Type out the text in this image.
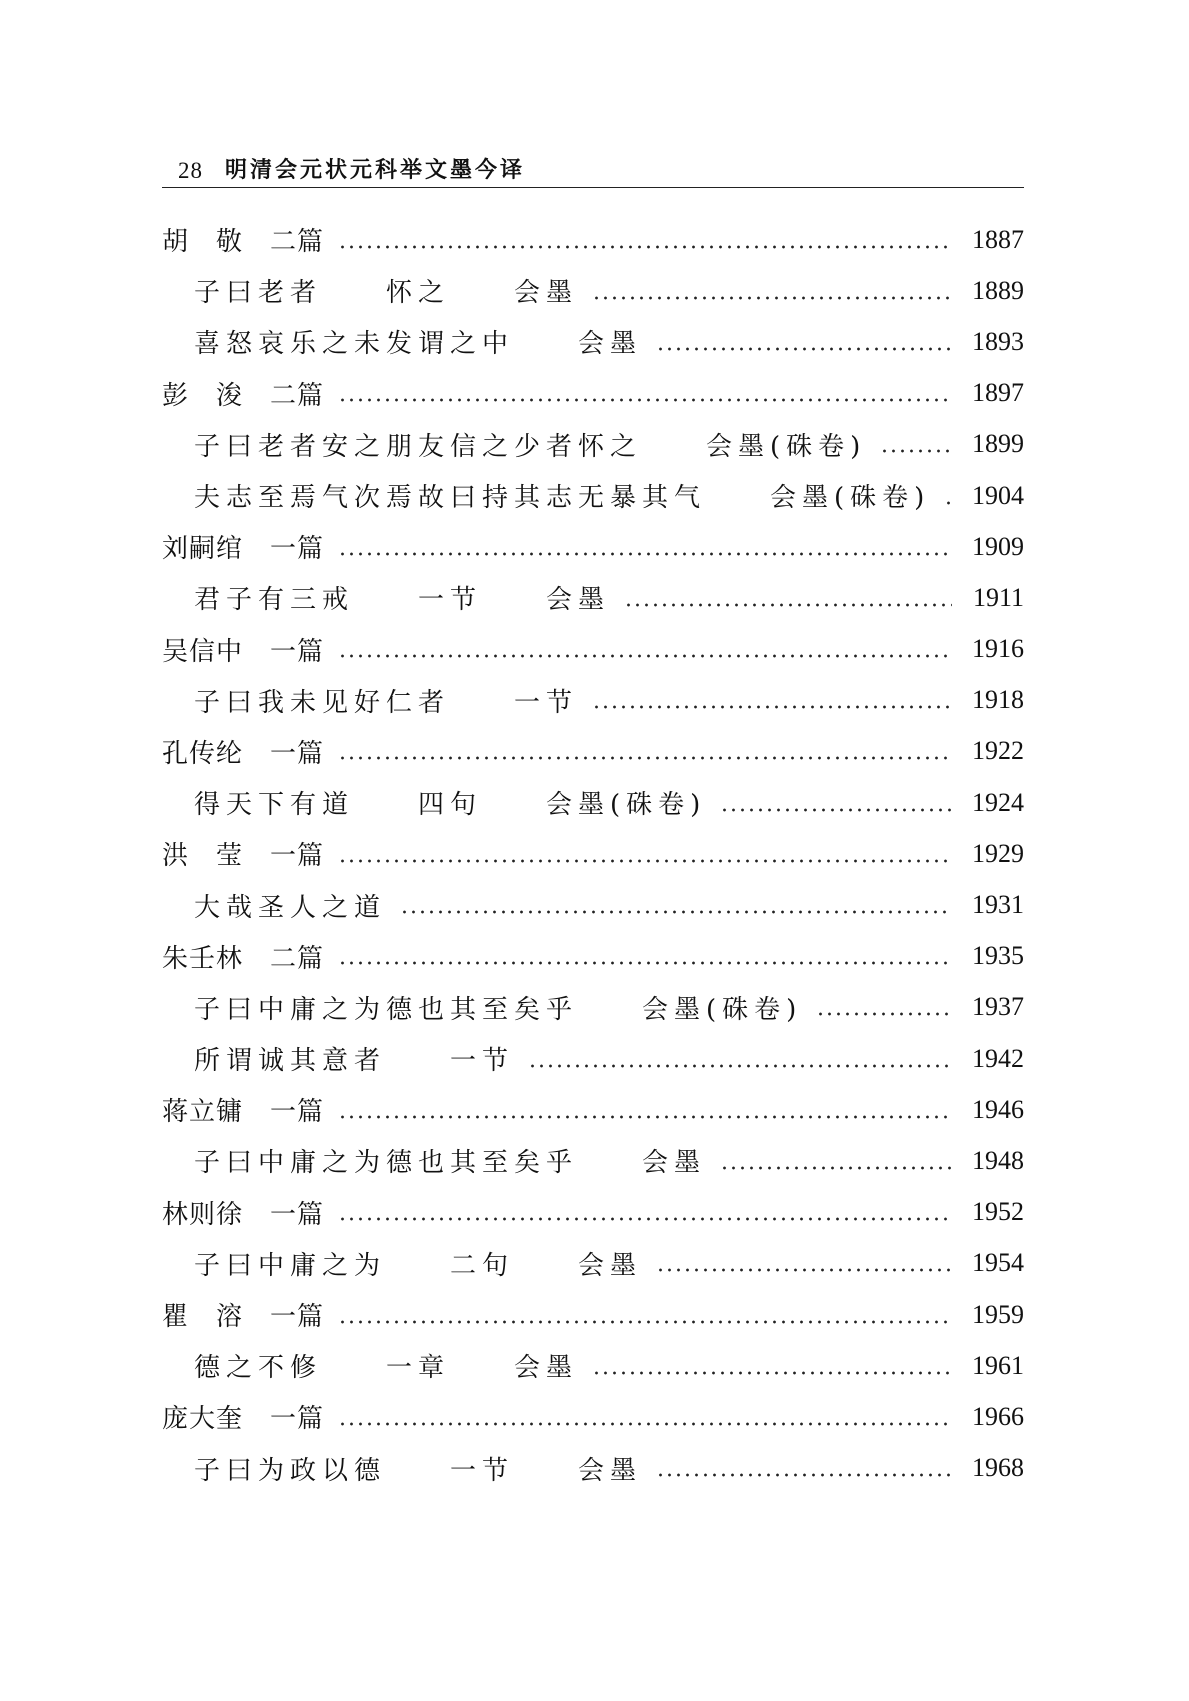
28 明清会元状元科举文墨今译
胡　敬　二篇	1887
子曰老者　　怀之　　会墨	1889
喜怒哀乐之未发谓之中　　会墨	1893
彭　浚　二篇	1897
子曰老者安之朋友信之少者怀之　　会墨(硃卷)	1899
夫志至焉气次焉故曰持其志无暴其气　　会墨(硃卷)	1904
刘嗣绾　一篇	1909
君子有三戒　　一节　　会墨	1911
吴信中　一篇	1916
子曰我未见好仁者　　一节	1918
孔传纶　一篇	1922
得天下有道　　四句　　会墨(硃卷)	1924
洪　莹　一篇	1929
大哉圣人之道	1931
朱壬林　二篇	1935
子曰中庸之为德也其至矣乎　　会墨(硃卷)	1937
所谓诚其意者　　一节	1942
蒋立镛　一篇	1946
子曰中庸之为德也其至矣乎　　会墨	1948
林则徐　一篇	1952
子曰中庸之为　　二句　　会墨	1954
瞿　溶　一篇	1959
德之不修　　一章　　会墨	1961
庞大奎　一篇	1966
子曰为政以德　　一节　　会墨	1968
